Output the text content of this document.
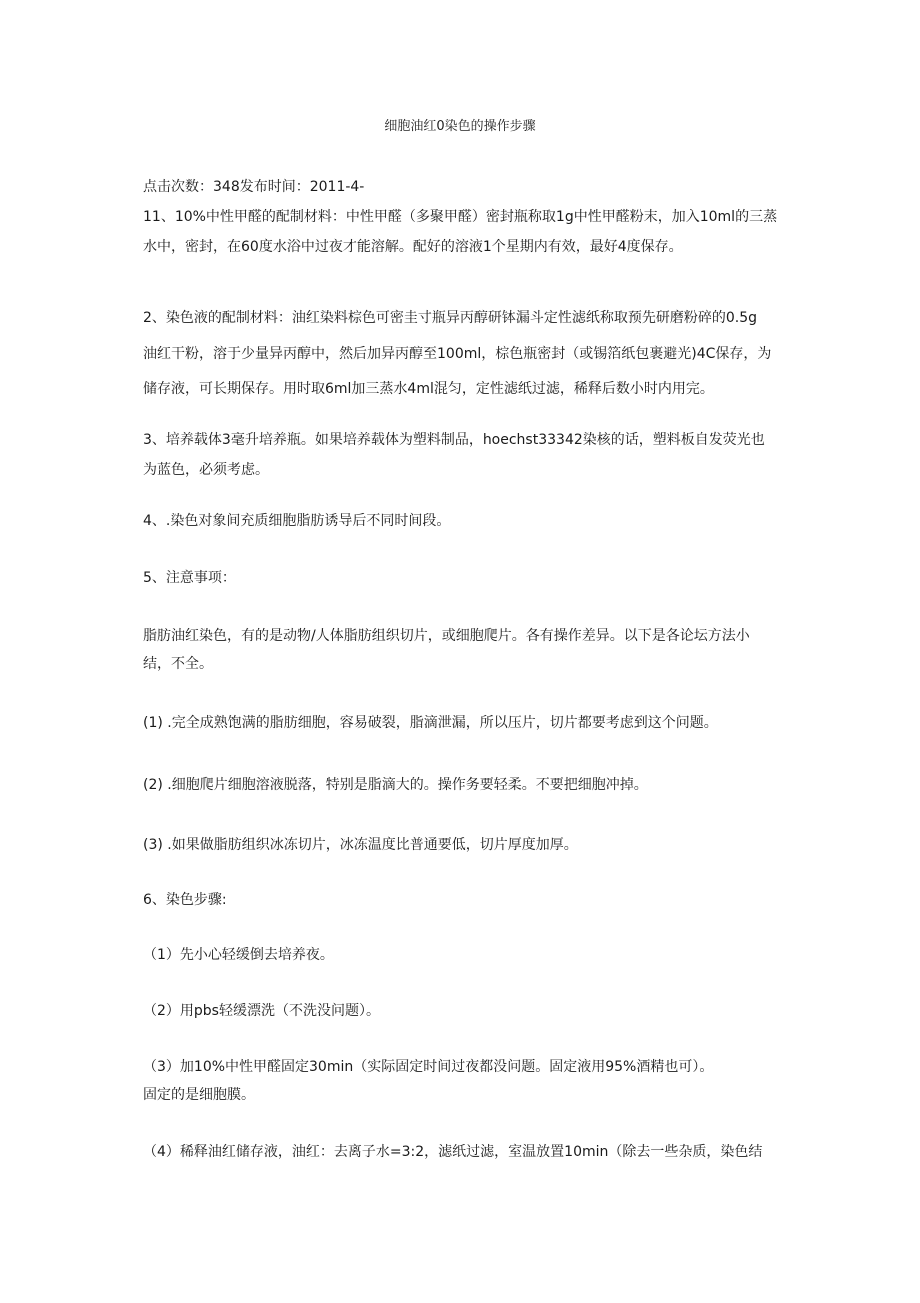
细胞油红0染色的操作步骤
点击次数：348发布时间：2011-4-
11、10%中性甲醛的配制材料：中性甲醛（多聚甲醛）密封瓶称取1g中性甲醛粉末，加入10ml的三蒸
水中，密封，在60度水浴中过夜才能溶解。配好的溶液1个星期内有效，最好4度保存。
2、染色液的配制材料：油红染料棕色可密圭寸瓶异丙醇研钵漏斗定性滤纸称取预先研磨粉碎的0.5g
油红干粉，溶于少量异丙醇中，然后加异丙醇至100ml，棕色瓶密封（或锡箔纸包裹避光)4C保存，为
储存液，可长期保存。用时取6ml加三蒸水4ml混匀，定性滤纸过滤，稀释后数小时内用完。
3、培养载体3毫升培养瓶。如果培养载体为塑料制品，hoechst33342染核的话，塑料板自发荧光也
为蓝色，必须考虑。
4、.染色对象间充质细胞脂肪诱导后不同时间段。
5、注意事项：
脂肪油红染色，有的是动物/人体脂肪组织切片，或细胞爬片。各有操作差异。以下是各论坛方法小
结，不全。
(1) .完全成熟饱满的脂肪细胞，容易破裂，脂滴泄漏，所以压片，切片都要考虑到这个问题。
(2) .细胞爬片细胞溶液脱落，特别是脂滴大的。操作务要轻柔。不要把细胞冲掉。
(3) .如果做脂肪组织冰冻切片，冰冻温度比普通要低，切片厚度加厚。
6、染色步骤:
（1）先小心轻缓倒去培养夜。
（2）用pbs轻缓漂洗（不洗没问题）。
（3）加10%中性甲醛固定30min（实际固定时间过夜都没问题。固定液用95%酒精也可）。
固定的是细胞膜。
（4）稀释油红储存液，油红：去离子水=3:2，滤纸过滤，室温放置10min（除去一些杂质，染色结
